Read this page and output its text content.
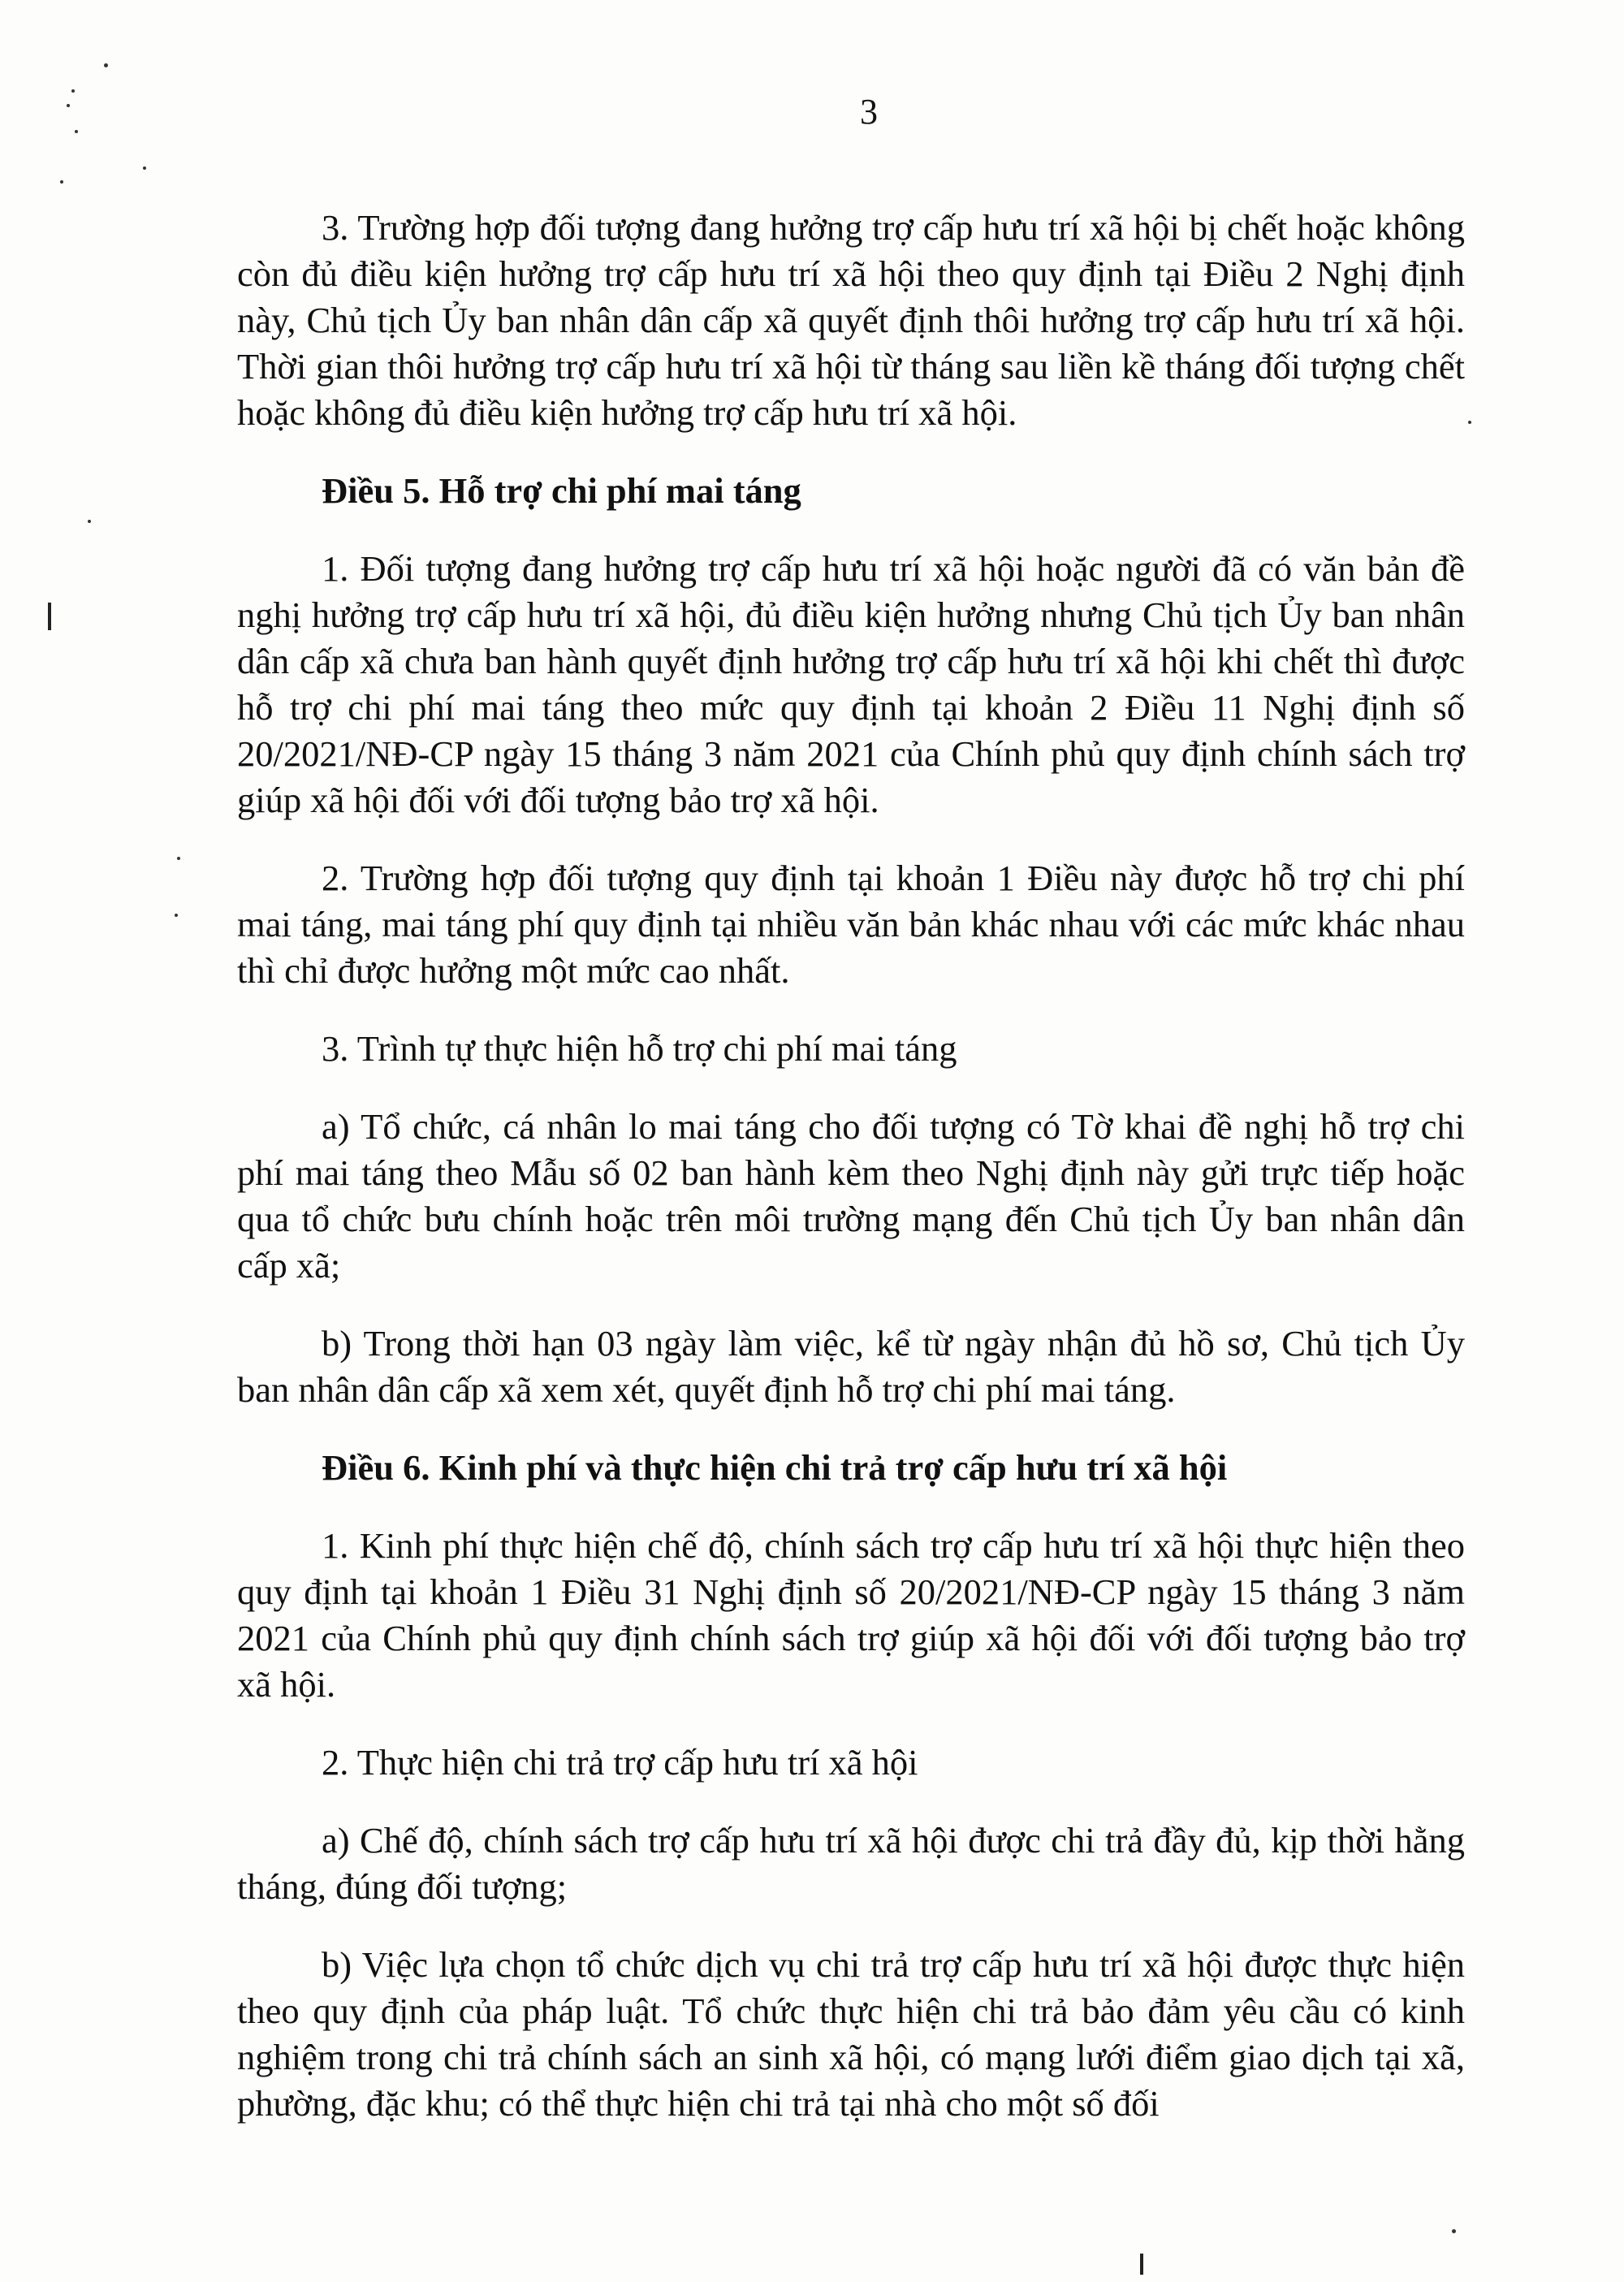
3

3. Trường hợp đối tượng đang hưởng trợ cấp hưu trí xã hội bị chết hoặc không còn đủ điều kiện hưởng trợ cấp hưu trí xã hội theo quy định tại Điều 2 Nghị định này, Chủ tịch Ủy ban nhân dân cấp xã quyết định thôi hưởng trợ cấp hưu trí xã hội. Thời gian thôi hưởng trợ cấp hưu trí xã hội từ tháng sau liền kề tháng đối tượng chết hoặc không đủ điều kiện hưởng trợ cấp hưu trí xã hội.

Điều 5. Hỗ trợ chi phí mai táng

1. Đối tượng đang hưởng trợ cấp hưu trí xã hội hoặc người đã có văn bản đề nghị hưởng trợ cấp hưu trí xã hội, đủ điều kiện hưởng nhưng Chủ tịch Ủy ban nhân dân cấp xã chưa ban hành quyết định hưởng trợ cấp hưu trí xã hội khi chết thì được hỗ trợ chi phí mai táng theo mức quy định tại khoản 2 Điều 11 Nghị định số 20/2021/NĐ-CP ngày 15 tháng 3 năm 2021 của Chính phủ quy định chính sách trợ giúp xã hội đối với đối tượng bảo trợ xã hội.

2. Trường hợp đối tượng quy định tại khoản 1 Điều này được hỗ trợ chi phí mai táng, mai táng phí quy định tại nhiều văn bản khác nhau với các mức khác nhau thì chỉ được hưởng một mức cao nhất.

3. Trình tự thực hiện hỗ trợ chi phí mai táng

a) Tổ chức, cá nhân lo mai táng cho đối tượng có Tờ khai đề nghị hỗ trợ chi phí mai táng theo Mẫu số 02 ban hành kèm theo Nghị định này gửi trực tiếp hoặc qua tổ chức bưu chính hoặc trên môi trường mạng đến Chủ tịch Ủy ban nhân dân cấp xã;

b) Trong thời hạn 03 ngày làm việc, kể từ ngày nhận đủ hồ sơ, Chủ tịch Ủy ban nhân dân cấp xã xem xét, quyết định hỗ trợ chi phí mai táng.

Điều 6. Kinh phí và thực hiện chi trả trợ cấp hưu trí xã hội

1. Kinh phí thực hiện chế độ, chính sách trợ cấp hưu trí xã hội thực hiện theo quy định tại khoản 1 Điều 31 Nghị định số 20/2021/NĐ-CP ngày 15 tháng 3 năm 2021 của Chính phủ quy định chính sách trợ giúp xã hội đối với đối tượng bảo trợ xã hội.

2. Thực hiện chi trả trợ cấp hưu trí xã hội

a) Chế độ, chính sách trợ cấp hưu trí xã hội được chi trả đầy đủ, kịp thời hằng tháng, đúng đối tượng;

b) Việc lựa chọn tổ chức dịch vụ chi trả trợ cấp hưu trí xã hội được thực hiện theo quy định của pháp luật. Tổ chức thực hiện chi trả bảo đảm yêu cầu có kinh nghiệm trong chi trả chính sách an sinh xã hội, có mạng lưới điểm giao dịch tại xã, phường, đặc khu; có thể thực hiện chi trả tại nhà cho một số đối
